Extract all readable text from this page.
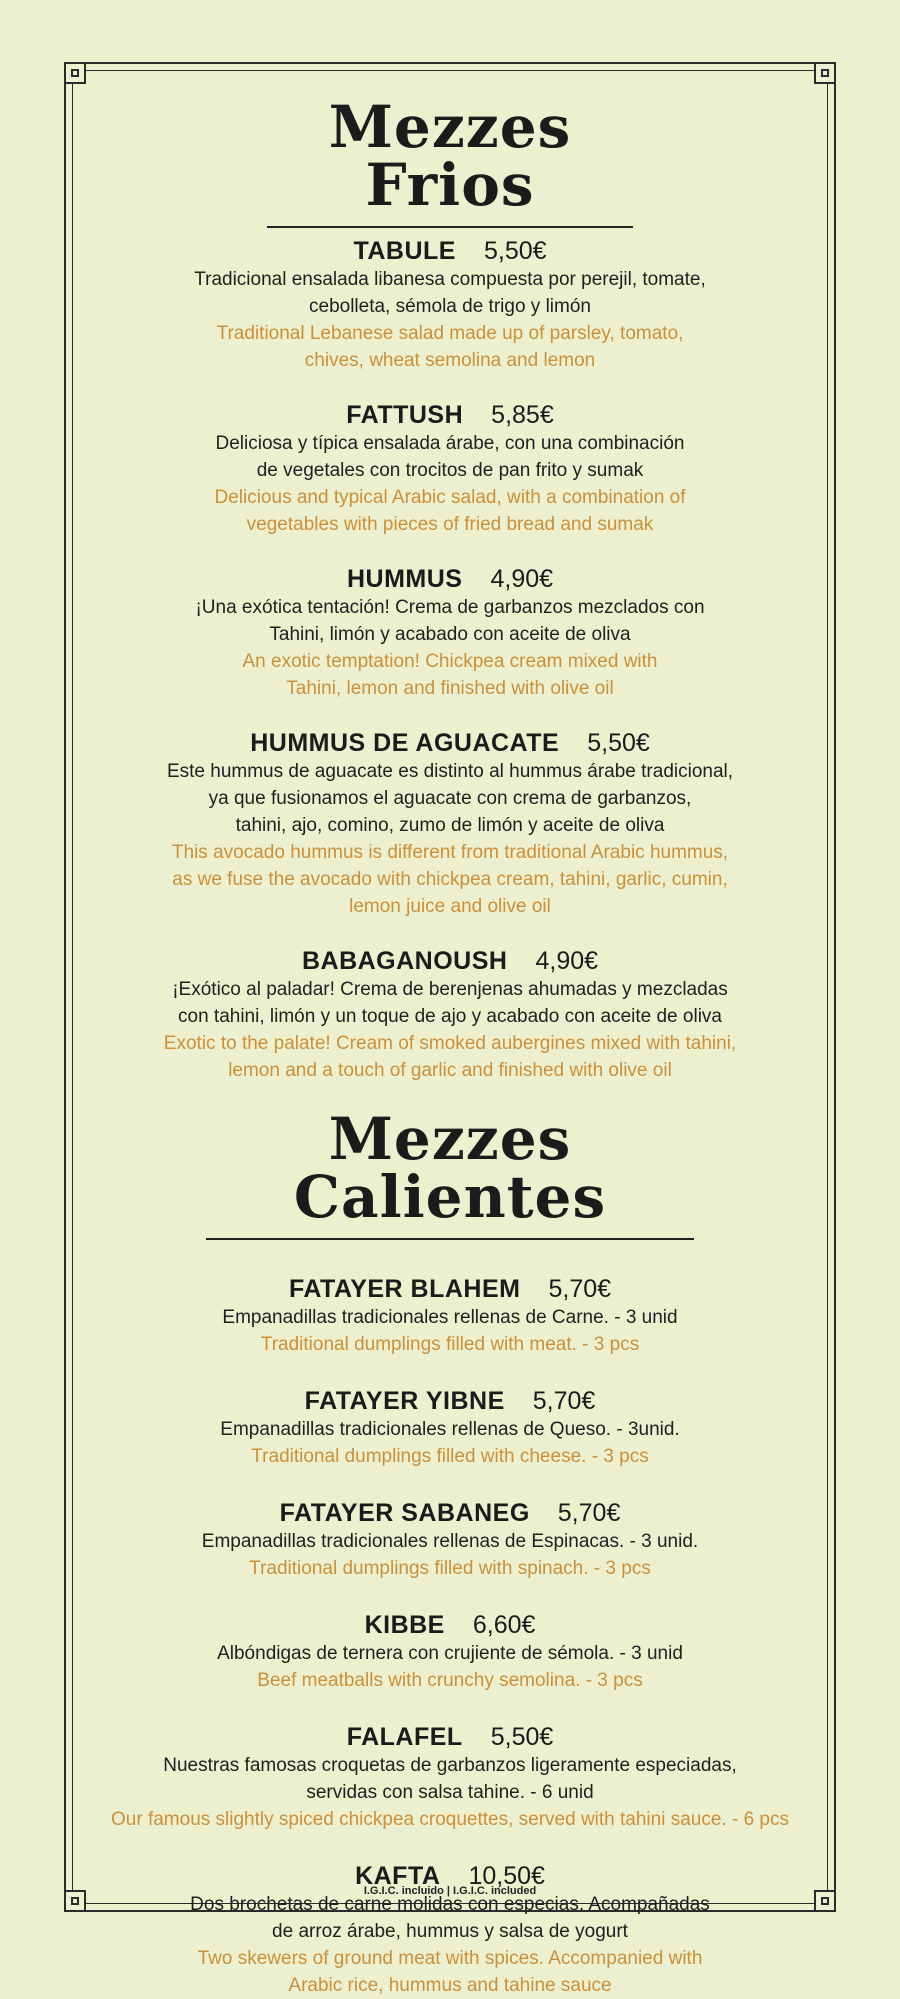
Mezzes Frios
TABULE 5,50€
Tradicional ensalada libanesa compuesta por perejil, tomate,
cebolleta, sémola de trigo y limón
Traditional Lebanese salad made up of parsley, tomato,
chives, wheat semolina and lemon
FATTUSH 5,85€
Deliciosa y típica ensalada árabe, con una combinación
de vegetales con trocitos de pan frito y sumak
Delicious and typical Arabic salad, with a combination of
vegetables with pieces of fried bread and sumak
HUMMUS 4,90€
¡Una exótica tentación! Crema de garbanzos mezclados con
Tahini, limón y acabado con aceite de oliva
An exotic temptation! Chickpea cream mixed with
Tahini, lemon and finished with olive oil
HUMMUS DE AGUACATE 5,50€
Este hummus de aguacate es distinto al hummus árabe tradicional,
ya que fusionamos el aguacate con crema de garbanzos,
tahini, ajo, comino, zumo de limón y aceite de oliva
This avocado hummus is different from traditional Arabic hummus,
as we fuse the avocado with chickpea cream, tahini, garlic, cumin,
lemon juice and olive oil
BABAGANOUSH 4,90€
¡Exótico al paladar! Crema de berenjenas ahumadas y mezcladas
con tahini, limón y un toque de ajo y acabado con aceite de oliva
Exotic to the palate! Cream of smoked aubergines mixed with tahini,
lemon and a touch of garlic and finished with olive oil
Mezzes Calientes
FATAYER BLAHEM 5,70€
Empanadillas tradicionales rellenas de Carne. - 3 unid
Traditional dumplings filled with meat. - 3 pcs
FATAYER YIBNE 5,70€
Empanadillas tradicionales rellenas de Queso. - 3unid.
Traditional dumplings filled with cheese. - 3 pcs
FATAYER SABANEG 5,70€
Empanadillas tradicionales rellenas de Espinacas. - 3 unid.
Traditional dumplings filled with spinach. - 3 pcs
KIBBE 6,60€
Albóndigas de ternera con crujiente de sémola. - 3 unid
Beef meatballs with crunchy semolina. - 3 pcs
FALAFEL 5,50€
Nuestras famosas croquetas de garbanzos ligeramente especiadas,
servidas con salsa tahine. - 6 unid
Our famous slightly spiced chickpea croquettes, served with tahini sauce. - 6 pcs
KAFTA 10,50€
Dos brochetas de carne molidas con especias. Acompañadas
de arroz árabe, hummus y salsa de yogurt
Two skewers of ground meat with spices. Accompanied with
Arabic rice, hummus and tahine sauce
I.G.I.C. incluido | I.G.I.C. included
